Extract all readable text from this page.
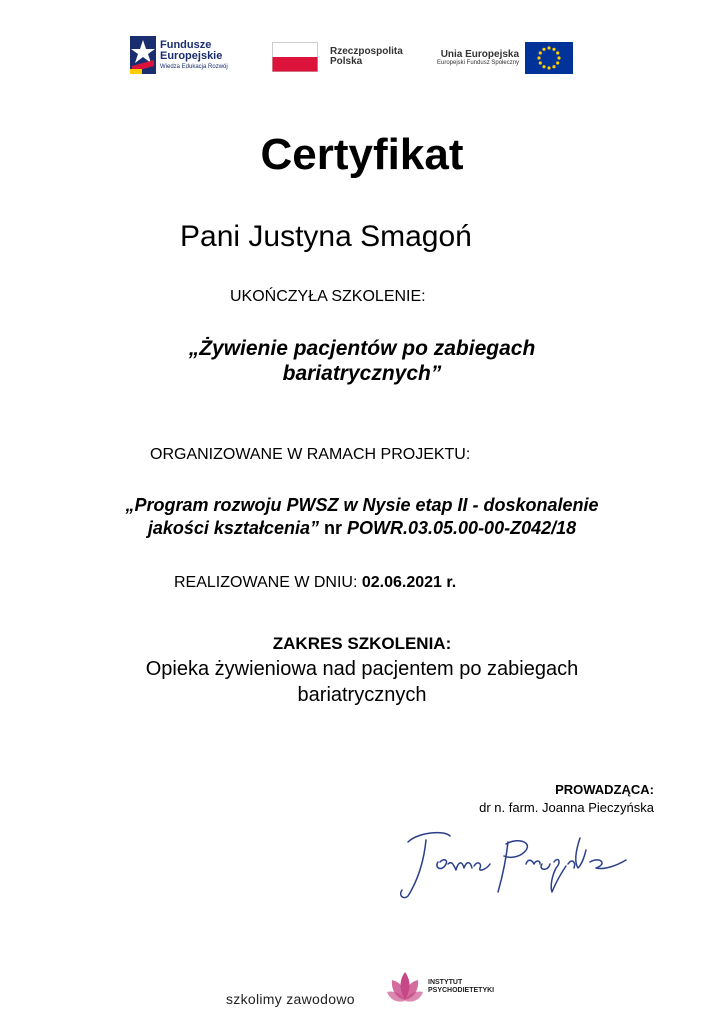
Fundusze
Europejskie
Wiedza Edukacja Rozwój
Rzeczpospolita
Polska
Unia Europejska
Europejski Fundusz Społeczny
Certyfikat
Pani Justyna Smagoń
UKOŃCZYŁA SZKOLENIE:
„Żywienie pacjentów po zabiegach
bariatrycznych”
ORGANIZOWANE W RAMACH PROJEKTU:
„Program rozwoju PWSZ w Nysie etap II - doskonalenie
jakości kształcenia” nr POWR.03.05.00-00-Z042/18
REALIZOWANE W DNIU: 02.06.2021 r.
ZAKRES SZKOLENIA:
Opieka żywieniowa nad pacjentem po zabiegach
bariatrycznych
PROWADZĄCA:
dr n. farm. Joanna Pieczyńska
szkolimy zawodowo
INSTYTUT
PSYCHODIETETYKI
